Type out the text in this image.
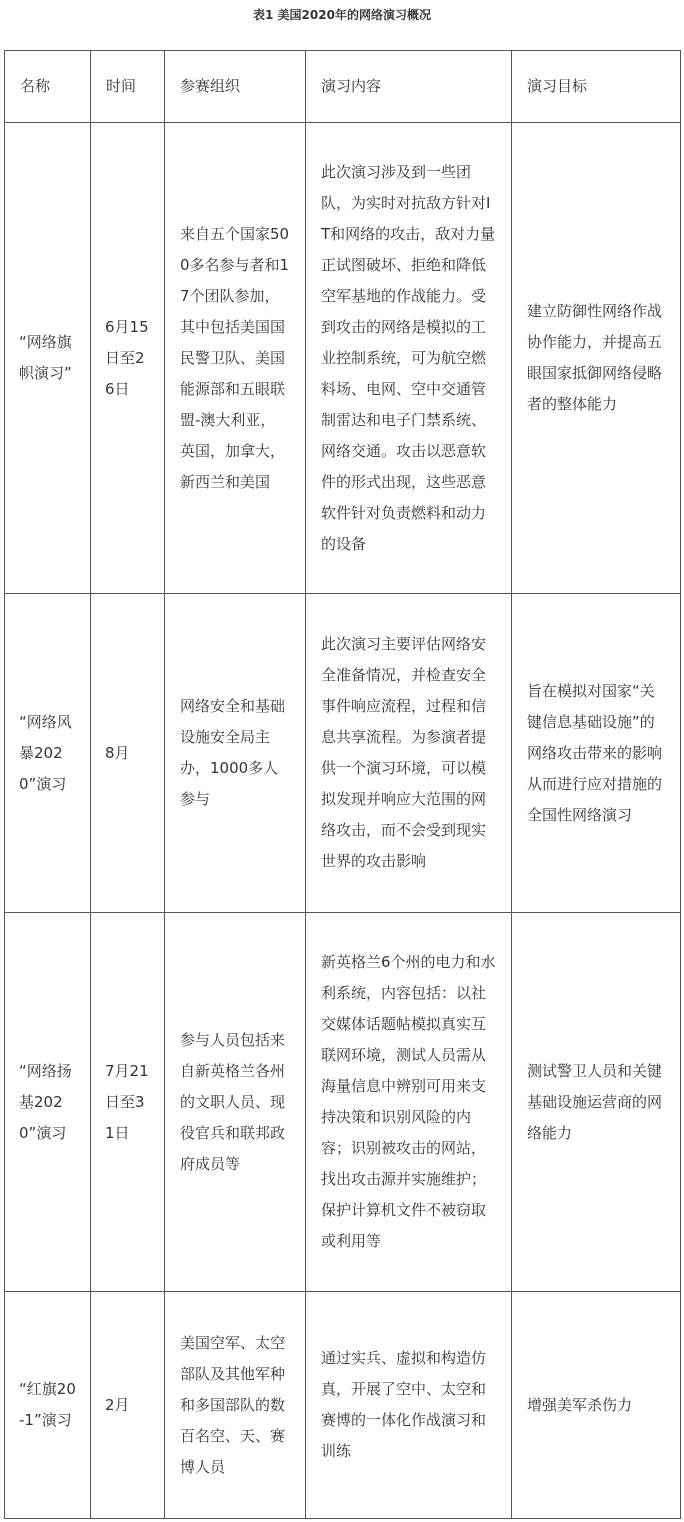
表1 美国2020年的网络演习概况
名称	时间	参赛组织	演习内容	演习目标
“网络旗帜演习”	6月15日至26日	来自五个国家500多名参与者和17个团队参加，其中包括美国国民警卫队、美国能源部和五眼联盟-澳大利亚，英国，加拿大，新西兰和美国	此次演习涉及到一些团队，为实时对抗敌方针对IT和网络的攻击，敌对力量正试图破坏、拒绝和降低空军基地的作战能力。受到攻击的网络是模拟的工业控制系统，可为航空燃料场、电网、空中交通管制雷达和电子门禁系统、网络交通。攻击以恶意软件的形式出现，这些恶意软件针对负责燃料和动力的设备	建立防御性网络作战协作能力，并提高五眼国家抵御网络侵略者的整体能力
“网络风暴2020”演习	8月	网络安全和基础设施安全局主办，1000多人参与	此次演习主要评估网络安全准备情况，并检查安全事件响应流程，过程和信息共享流程。为参演者提供一个演习环境，可以模拟发现并响应大范围的网络攻击，而不会受到现实世界的攻击影响	旨在模拟对国家“关键信息基础设施”的网络攻击带来的影响从而进行应对措施的全国性网络演习
“网络扬基2020”演习	7月21日至31日	参与人员包括来自新英格兰各州的文职人员、现役官兵和联邦政府成员等	新英格兰6个州的电力和水利系统，内容包括：以社交媒体话题帖模拟真实互联网环境，测试人员需从海量信息中辨别可用来支持决策和识别风险的内容；识别被攻击的网站，找出攻击源并实施维护；保护计算机文件不被窃取或利用等	测试警卫人员和关键基础设施运营商的网络能力
“红旗20-1”演习	2月	美国空军、太空部队及其他军种和多国部队的数百名空、天、赛博人员	通过实兵、虚拟和构造仿真，开展了空中、太空和赛博的一体化作战演习和训练	增强美军杀伤力
